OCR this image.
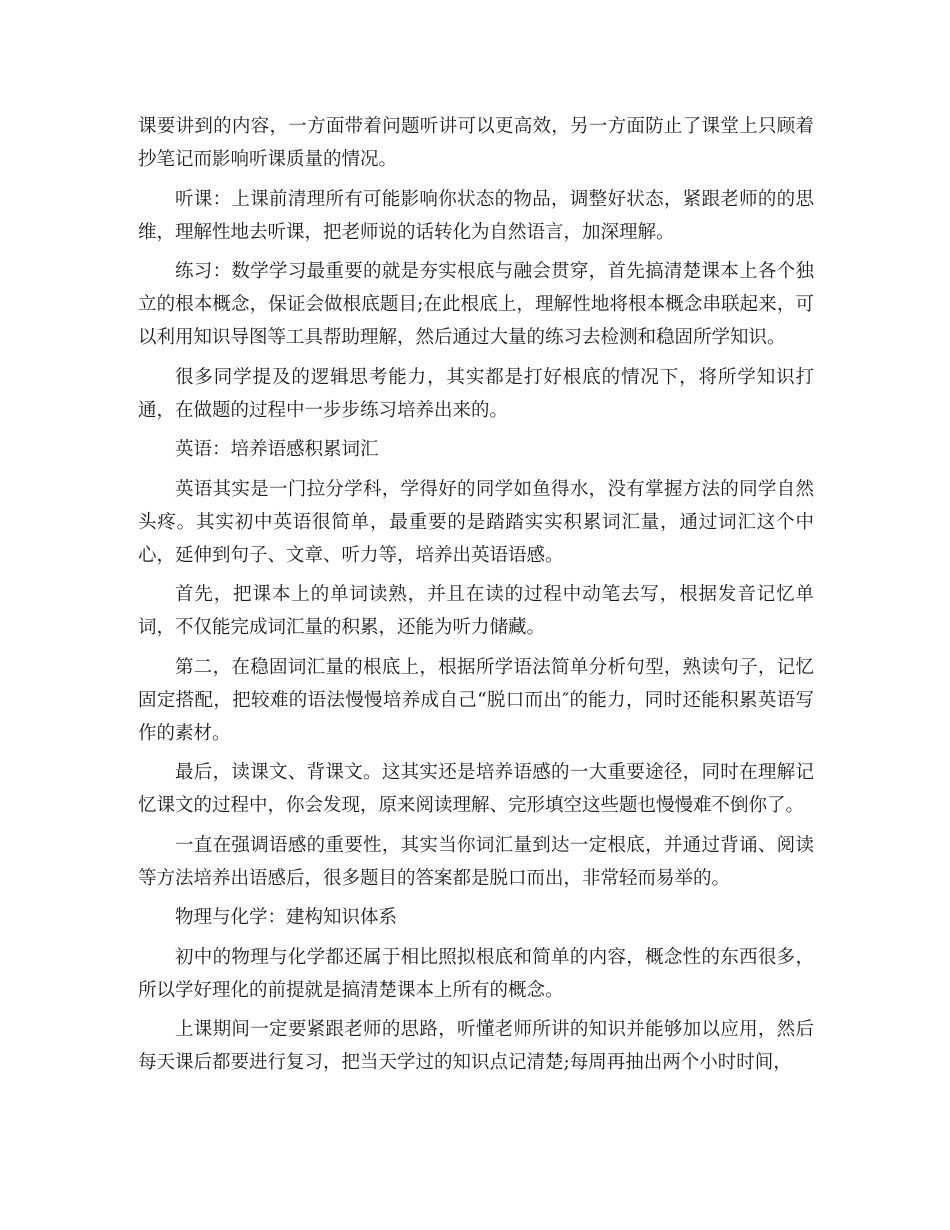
课要讲到的内容，一方面带着问题听讲可以更高效，另一方面防止了课堂上只顾着抄笔记而影响听课质量的情况。

听课：上课前清理所有可能影响你状态的物品，调整好状态，紧跟老师的的思维，理解性地去听课，把老师说的话转化为自然语言，加深理解。

练习：数学学习最重要的就是夯实根底与融会贯穿，首先搞清楚课本上各个独立的根本概念，保证会做根底题目;在此根底上，理解性地将根本概念串联起来，可以利用知识导图等工具帮助理解，然后通过大量的练习去检测和稳固所学知识。

很多同学提及的逻辑思考能力，其实都是打好根底的情况下，将所学知识打通，在做题的过程中一步步练习培养出来的。

英语：培养语感积累词汇

英语其实是一门拉分学科，学得好的同学如鱼得水，没有掌握方法的同学自然头疼。其实初中英语很简单，最重要的是踏踏实实积累词汇量，通过词汇这个中心，延伸到句子、文章、听力等，培养出英语语感。

首先，把课本上的单词读熟，并且在读的过程中动笔去写，根据发音记忆单词，不仅能完成词汇量的积累，还能为听力储藏。

第二，在稳固词汇量的根底上，根据所学语法简单分析句型，熟读句子，记忆固定搭配，把较难的语法慢慢培养成自己“脱口而出″的能力，同时还能积累英语写作的素材。

最后，读课文、背课文。这其实还是培养语感的一大重要途径，同时在理解记忆课文的过程中，你会发现，原来阅读理解、完形填空这些题也慢慢难不倒你了。

一直在强调语感的重要性，其实当你词汇量到达一定根底，并通过背诵、阅读等方法培养出语感后，很多题目的答案都是脱口而出，非常轻而易举的。

物理与化学：建构知识体系

初中的物理与化学都还属于相比照拟根底和简单的内容，概念性的东西很多，所以学好理化的前提就是搞清楚课本上所有的概念。

上课期间一定要紧跟老师的思路，听懂老师所讲的知识并能够加以应用，然后每天课后都要进行复习，把当天学过的知识点记清楚;每周再抽出两个小时时间，
